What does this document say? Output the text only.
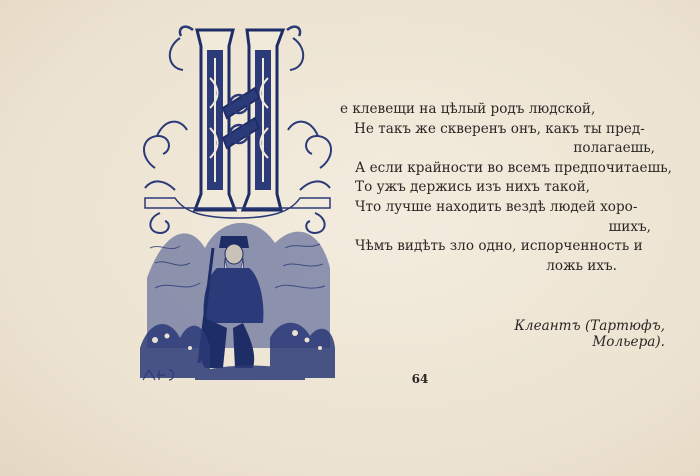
е клевещи на цѣлый родъ людской,
Не такъ же скверенъ онъ, какъ ты пред-
полагаешь,
А если крайности во всемъ предпочитаешь,
То ужъ держись изъ нихъ такой,
Что лучше находить вездѣ людей хоро-
шихъ,
Чѣмъ видѣть зло одно, испорченность и
ложь ихъ.
Клеантъ (Тартюфъ, Мольера).
64
